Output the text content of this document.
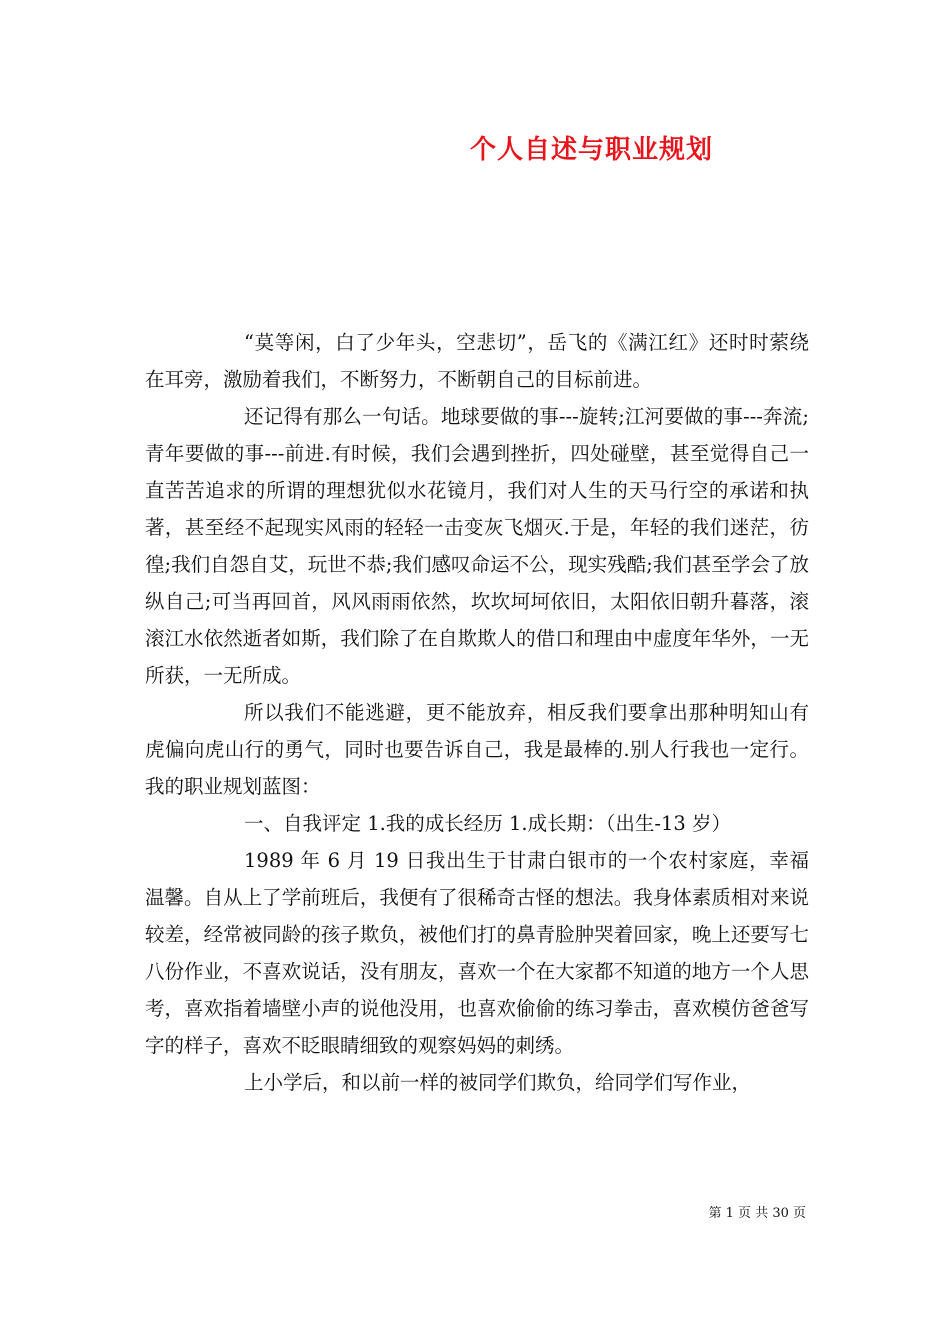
个人自述与职业规划

“莫等闲，白了少年头，空悲切”，岳飞的《满江红》还时时萦绕在耳旁，激励着我们，不断努力，不断朝自己的目标前进。

还记得有那么一句话。地球要做的事---旋转;江河要做的事---奔流;青年要做的事---前进.有时候，我们会遇到挫折，四处碰壁，甚至觉得自己一直苦苦追求的所谓的理想犹似水花镜月，我们对人生的天马行空的承诺和执著，甚至经不起现实风雨的轻轻一击变灰飞烟灭.于是，年轻的我们迷茫，彷徨;我们自怨自艾，玩世不恭;我们感叹命运不公，现实残酷;我们甚至学会了放纵自己;可当再回首，风风雨雨依然，坎坎坷坷依旧，太阳依旧朝升暮落，滚滚江水依然逝者如斯，我们除了在自欺欺人的借口和理由中虚度年华外，一无所获，一无所成。

所以我们不能逃避，更不能放弃，相反我们要拿出那种明知山有虎偏向虎山行的勇气，同时也要告诉自己，我是最棒的.别人行我也一定行。我的职业规划蓝图：

一、自我评定 1.我的成长经历 1.成长期：（出生-13 岁）

1989 年 6 月 19 日我出生于甘肃白银市的一个农村家庭，幸福温馨。自从上了学前班后，我便有了很稀奇古怪的想法。我身体素质相对来说较差，经常被同龄的孩子欺负，被他们打的鼻青脸肿哭着回家，晚上还要写七八份作业，不喜欢说话，没有朋友，喜欢一个在大家都不知道的地方一个人思考，喜欢指着墙壁小声的说他没用，也喜欢偷偷的练习拳击，喜欢模仿爸爸写字的样子，喜欢不眨眼睛细致的观察妈妈的刺绣。

上小学后，和以前一样的被同学们欺负，给同学们写作业，

第 1 页 共 30 页
